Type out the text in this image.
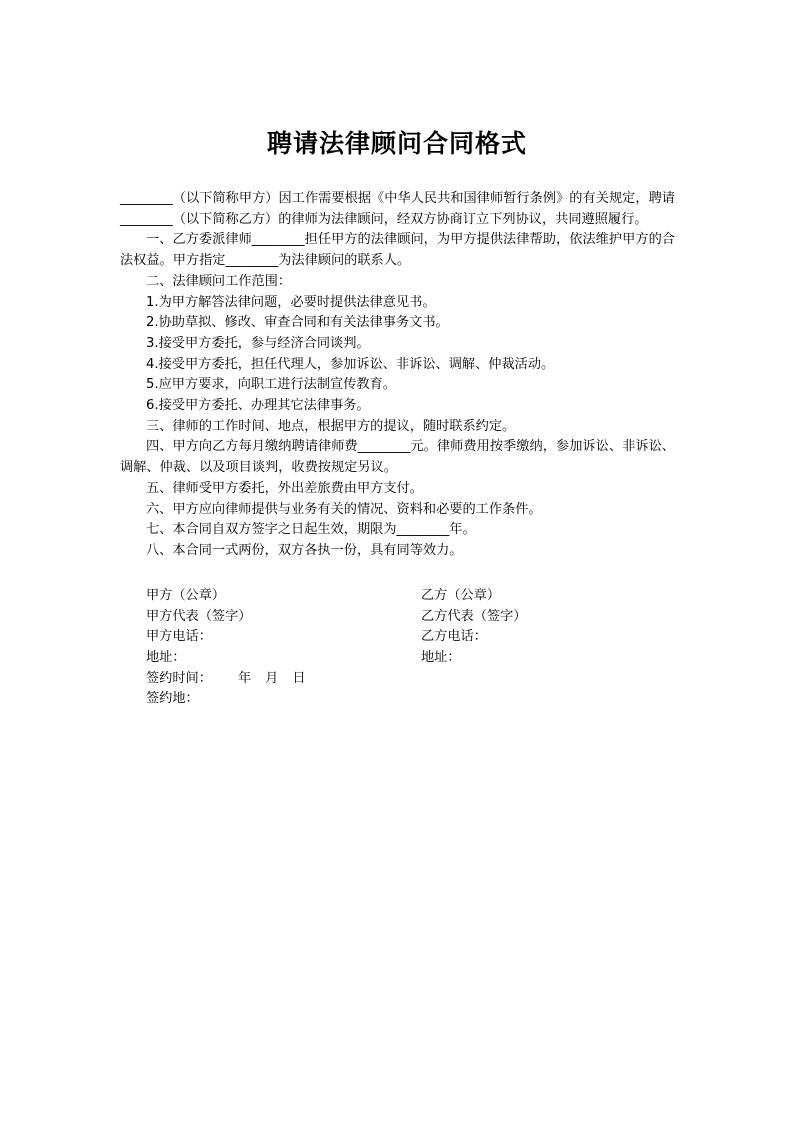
聘请法律顾问合同格式

________（以下简称甲方）因工作需要根据《中华人民共和国律师暂行条例》的有关规定，聘请________（以下简称乙方）的律师为法律顾问，经双方协商订立下列协议，共同遵照履行。

一、乙方委派律师________担任甲方的法律顾问，为甲方提供法律帮助，依法维护甲方的合法权益。甲方指定________为法律顾问的联系人。

二、法律顾问工作范围：

1.为甲方解答法律问题，必要时提供法律意见书。

2.协助草拟、修改、审查合同和有关法律事务文书。

3.接受甲方委托，参与经济合同谈判。

4.接受甲方委托，担任代理人，参加诉讼、非诉讼、调解、仲裁活动。

5.应甲方要求，向职工进行法制宣传教育。

6.接受甲方委托、办理其它法律事务。

三、律师的工作时间、地点，根据甲方的提议，随时联系约定。

四、甲方向乙方每月缴纳聘请律师费________元。律师费用按季缴纳，参加诉讼、非诉讼、调解、仲裁、以及项目谈判，收费按规定另议。

五、律师受甲方委托，外出差旅费由甲方支付。

六、甲方应向律师提供与业务有关的情况、资料和必要的工作条件。

七、本合同自双方签字之日起生效，期限为________年。

八、本合同一式两份，双方各执一份，具有同等效力。

甲方（公章）	乙方（公章）
甲方代表（签字）	乙方代表（签字）
甲方电话：	乙方电话：
地址：	地址：
签约时间： 年 月 日
签约地：
